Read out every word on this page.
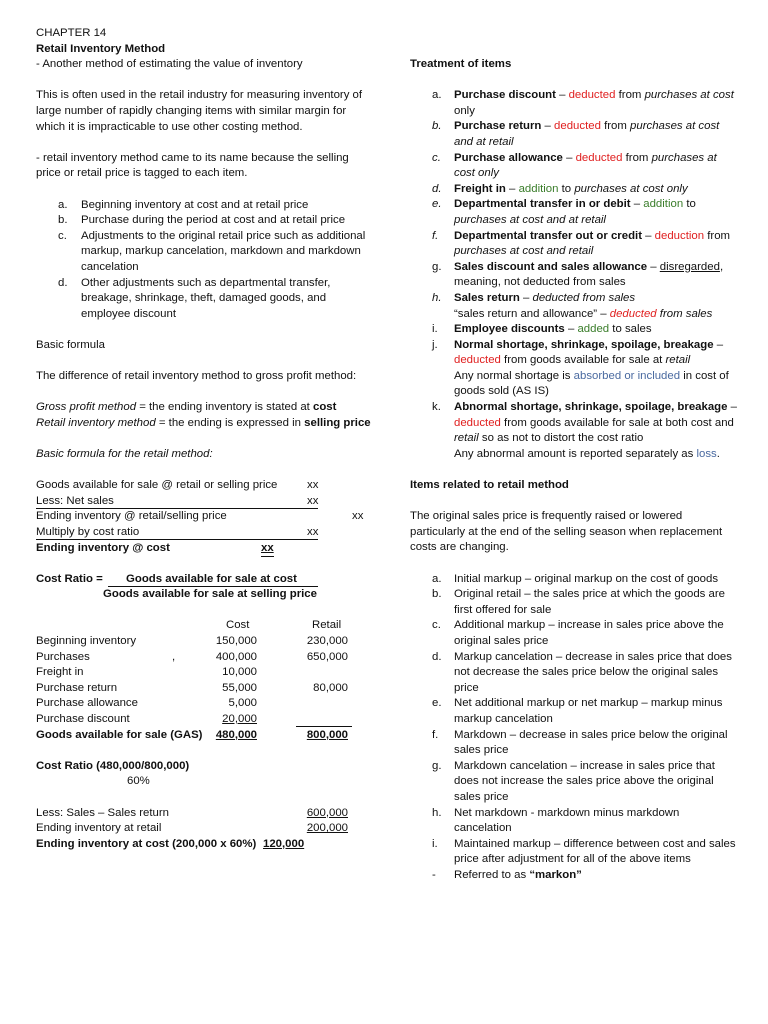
CHAPTER 14

Retail Inventory Method

- Another method of estimating the value of inventory

This is often used in the retail industry for measuring inventory of large number of rapidly changing items with similar margin for which it is impracticable to use other costing method.

- retail inventory method came to its name because the selling price or retail price is tagged to each item.

a. Beginning inventory at cost and at retail price
b. Purchase during the period at cost and at retail price
c. Adjustments to the original retail price such as additional markup, markup cancelation, markdown and markdown cancelation
d. Other adjustments such as departmental transfer, breakage, shrinkage, theft, damaged goods, and employee discount

Basic formula

The difference of retail inventory method to gross profit method:

Gross profit method = the ending inventory is stated at cost

Retail inventory method = the ending is expressed in selling price

Basic formula for the retail method:

Goods available for sale @ retail or selling price	xx
Less: Net sales	xx
Ending inventory @ retail/selling price	xx
Multiply by cost ratio	xx
Ending inventory @ cost	xx
Cost Ratio = Goods available for sale at cost
Goods available for sale at selling price
Cost	Retail
Beginning inventory	150,000	230,000
Purchases	,	400,000	650,000
Freight in	10,000
Purchase return	55,000	80,000
Purchase allowance	5,000
Purchase discount	20,000
Goods available for sale (GAS) 480,000	800,000

Cost Ratio (480,000/800,000)

60%

Less: Sales – Sales return	600,000
Ending inventory at retail	200,000
Ending inventory at cost (200,000 x 60%) 120,000

Treatment of items

a. Purchase discount – deducted from purchases at cost only
b. Purchase return – deducted from purchases at cost and at retail
c. Purchase allowance – deducted from purchases at cost only
d. Freight in – addition to purchases at cost only
e. Departmental transfer in or debit – addition to purchases at cost and at retail
f. Departmental transfer out or credit – deduction from purchases at cost and retail
g. Sales discount and sales allowance – disregarded, meaning, not deducted from sales
h. Sales return – deducted from sales
“sales return and allowance” – deducted from sales
i. Employee discounts – added to sales
j. Normal shortage, shrinkage, spoilage, breakage –
deducted from goods available for sale at retail
Any normal shortage is absorbed or included in cost of goods sold (AS IS)
k. Abnormal shortage, shrinkage, spoilage, breakage –
deducted from goods available for sale at both cost and retail so as not to distort the cost ratio
Any abnormal amount is reported separately as loss.

Items related to retail method

The original sales price is frequently raised or lowered particularly at the end of the selling season when replacement costs are changing.

a. Initial markup – original markup on the cost of goods
b. Original retail – the sales price at which the goods are first offered for sale
c. Additional markup – increase in sales price above the original sales price
d. Markup cancelation – decrease in sales price that does not decrease the sales price below the original sales price
e. Net additional markup or net markup – markup minus markup cancelation
f. Markdown – decrease in sales price below the original sales price
g. Markdown cancelation – increase in sales price that does not increase the sales price above the original sales price
h. Net markdown - markdown minus markdown cancelation
i. Maintained markup – difference between cost and sales price after adjustment for all of the above items
- Referred to as “markon”
